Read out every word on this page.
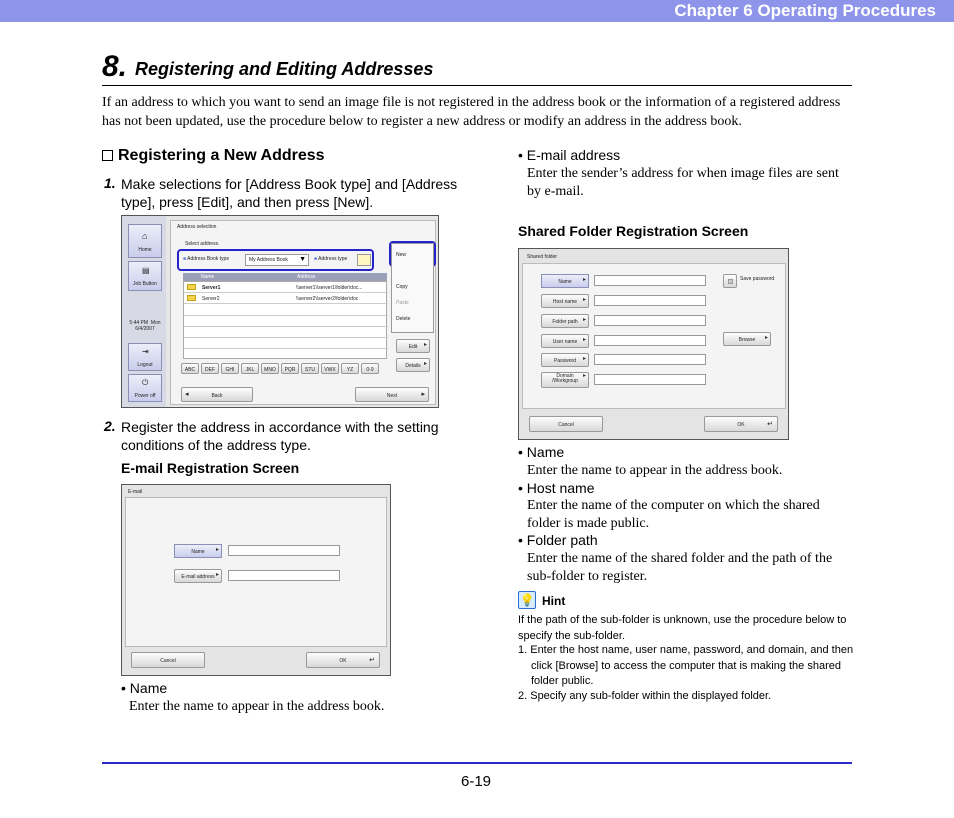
Chapter 6 Operating Procedures
8. Registering and Editing Addresses
If an address to which you want to send an image file is not registered in the address book or the information of a registered address has not been updated, use the procedure below to register a new address or modify an address in the address book.
Registering a New Address
1. Make selections for [Address Book type] and [Address type], press [Edit], and then press [New].
⌂
Home
▤
Job Button
5:44 PM  Mon
6/4/2007
⇥
Logout
⏻
Power off
Address selection
Select address.
■ Address Book type	My Address Book ▼ ■ Address type
Name	Address
Server1	\\server1\\server1\folder\doc...
Server2	\\server2\\server2\folder\doc
New
Copy
Paste
Delete
Edit ▸
Details ▸
ABC	DEF	GHI	JKL	MNO	PQR	STU	VWX	YZ	0-9
◂	Back	Next	▸
2. Register the address in accordance with the setting conditions of the address type.
E-mail Registration Screen
E-mail
Name ▸
E-mail address ▸
Cancel	OK	↵
• Name
Enter the name to appear in the address book.
• E-mail address
Enter the sender’s address for when image files are sent by e-mail.
Shared Folder Registration Screen
Shared folder
Name ▸
Host name ▸
Folder path ▸
User name ▸
Password ▸
Domain
/Workgroup ▸
Save password
Browse ▸
Cancel	OK	↵
• Name
Enter the name to appear in the address book.
• Host name
Enter the name of the computer on which the shared folder is made public.
• Folder path
Enter the name of the shared folder and the path of the sub-folder to register.
💡 Hint
If the path of the sub-folder is unknown, use the procedure below to specify the sub-folder.
1. Enter the host name, user name, password, and domain, and then click [Browse] to access the computer that is making the shared folder public.
2. Specify any sub-folder within the displayed folder.
6-19
